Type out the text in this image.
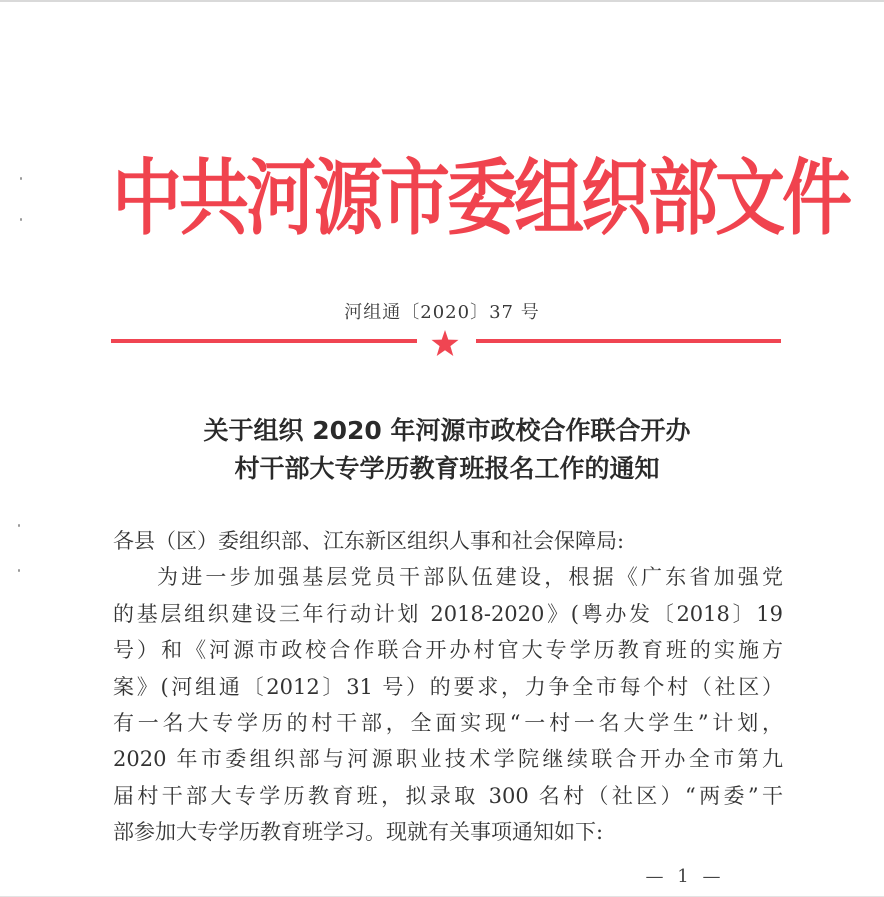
中共河源市委组织部文件
河组通〔2020〕37 号
关于组织 2020 年河源市政校合作联合开办
村干部大专学历教育班报名工作的通知
各县（区）委组织部、江东新区组织人事和社会保障局:
为进一步加强基层党员干部队伍建设，根据《广东省加强党
的基层组织建设三年行动计划 2018-2020》(粤办发〔2018〕19
号）和《河源市政校合作联合开办村官大专学历教育班的实施方
案》(河组通〔2012〕31 号）的要求，力争全市每个村（社区）
有一名大专学历的村干部，全面实现“一村一名大学生”计划，
2020 年市委组织部与河源职业技术学院继续联合开办全市第九
届村干部大专学历教育班，拟录取 300 名村（社区）“两委”干
部参加大专学历教育班学习。现就有关事项通知如下:
— 1 —
